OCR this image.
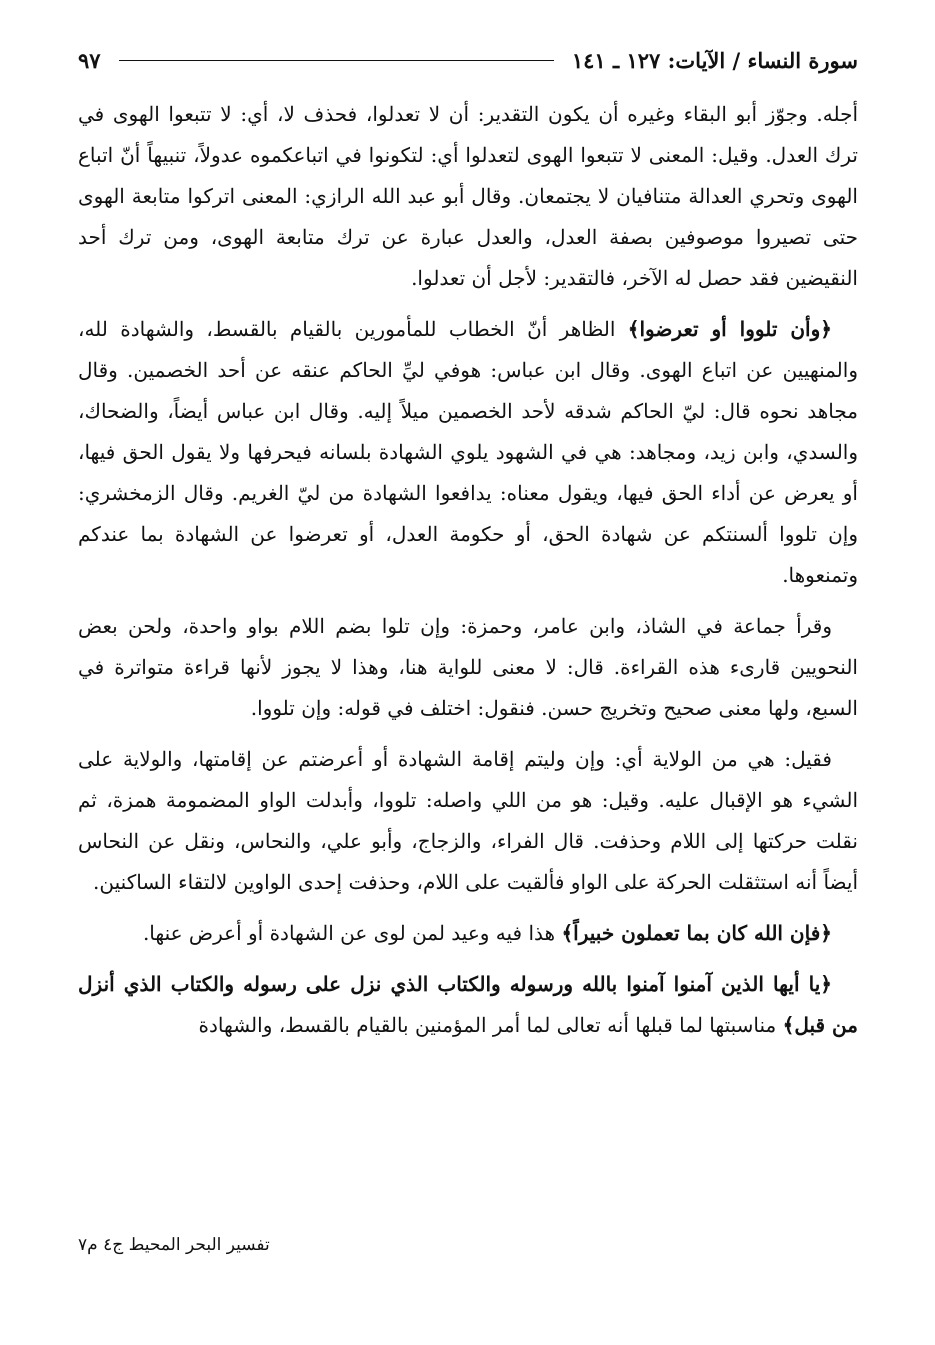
سورة النساء / الآيات: ١٢٧ ـ ١٤١
٩٧

أجله. وجوّز أبو البقاء وغيره أن يكون التقدير: أن لا تعدلوا، فحذف لا، أي: لا تتبعوا الهوى في ترك العدل. وقيل: المعنى لا تتبعوا الهوى لتعدلوا أي: لتكونوا في اتباعكموه عدولاً، تنبيهاً أنّ اتباع الهوى وتحري العدالة متنافيان لا يجتمعان. وقال أبو عبد الله الرازي: المعنى اتركوا متابعة الهوى حتى تصيروا موصوفين بصفة العدل، والعدل عبارة عن ترك متابعة الهوى، ومن ترك أحد النقيضين فقد حصل له الآخر، فالتقدير: لأجل أن تعدلوا.

﴿وأن تلووا أو تعرضوا﴾ الظاهر أنّ الخطاب للمأمورين بالقيام بالقسط، والشهادة لله، والمنهيين عن اتباع الهوى. وقال ابن عباس: هوفي ليِّ الحاكم عنقه عن أحد الخصمين. وقال مجاهد نحوه قال: ليّ الحاكم شدقه لأحد الخصمين ميلاً إليه. وقال ابن عباس أيضاً، والضحاك، والسدي، وابن زيد، ومجاهد: هي في الشهود يلوي الشهادة بلسانه فيحرفها ولا يقول الحق فيها، أو يعرض عن أداء الحق فيها، ويقول معناه: يدافعوا الشهادة من ليّ الغريم. وقال الزمخشري: وإن تلووا ألسنتكم عن شهادة الحق، أو حكومة العدل، أو تعرضوا عن الشهادة بما عندكم وتمنعوها.

وقرأ جماعة في الشاذ، وابن عامر، وحمزة: وإن تلوا بضم اللام بواو واحدة، ولحن بعض النحويين قارىء هذه القراءة. قال: لا معنى للواية هنا، وهذا لا يجوز لأنها قراءة متواترة في السبع، ولها معنى صحيح وتخريج حسن. فنقول: اختلف في قوله: وإن تلووا.

فقيل: هي من الولاية أي: وإن وليتم إقامة الشهادة أو أعرضتم عن إقامتها، والولاية على الشيء هو الإقبال عليه. وقيل: هو من اللي واصله: تلووا، وأبدلت الواو المضمومة همزة، ثم نقلت حركتها إلى اللام وحذفت. قال الفراء، والزجاج، وأبو علي، والنحاس، ونقل عن النحاس أيضاً أنه استثقلت الحركة على الواو فألقيت على اللام، وحذفت إحدى الواوين لالتقاء الساكنين.

﴿فإن الله كان بما تعملون خبيراً﴾ هذا فيه وعيد لمن لوى عن الشهادة أو أعرض عنها.

﴿يا أيها الذين آمنوا آمنوا بالله ورسوله والكتاب الذي نزل على رسوله والكتاب الذي أنزل من قبل﴾ مناسبتها لما قبلها أنه تعالى لما أمر المؤمنين بالقيام بالقسط، والشهادة

تفسير البحر المحيط ج٤ م٧
